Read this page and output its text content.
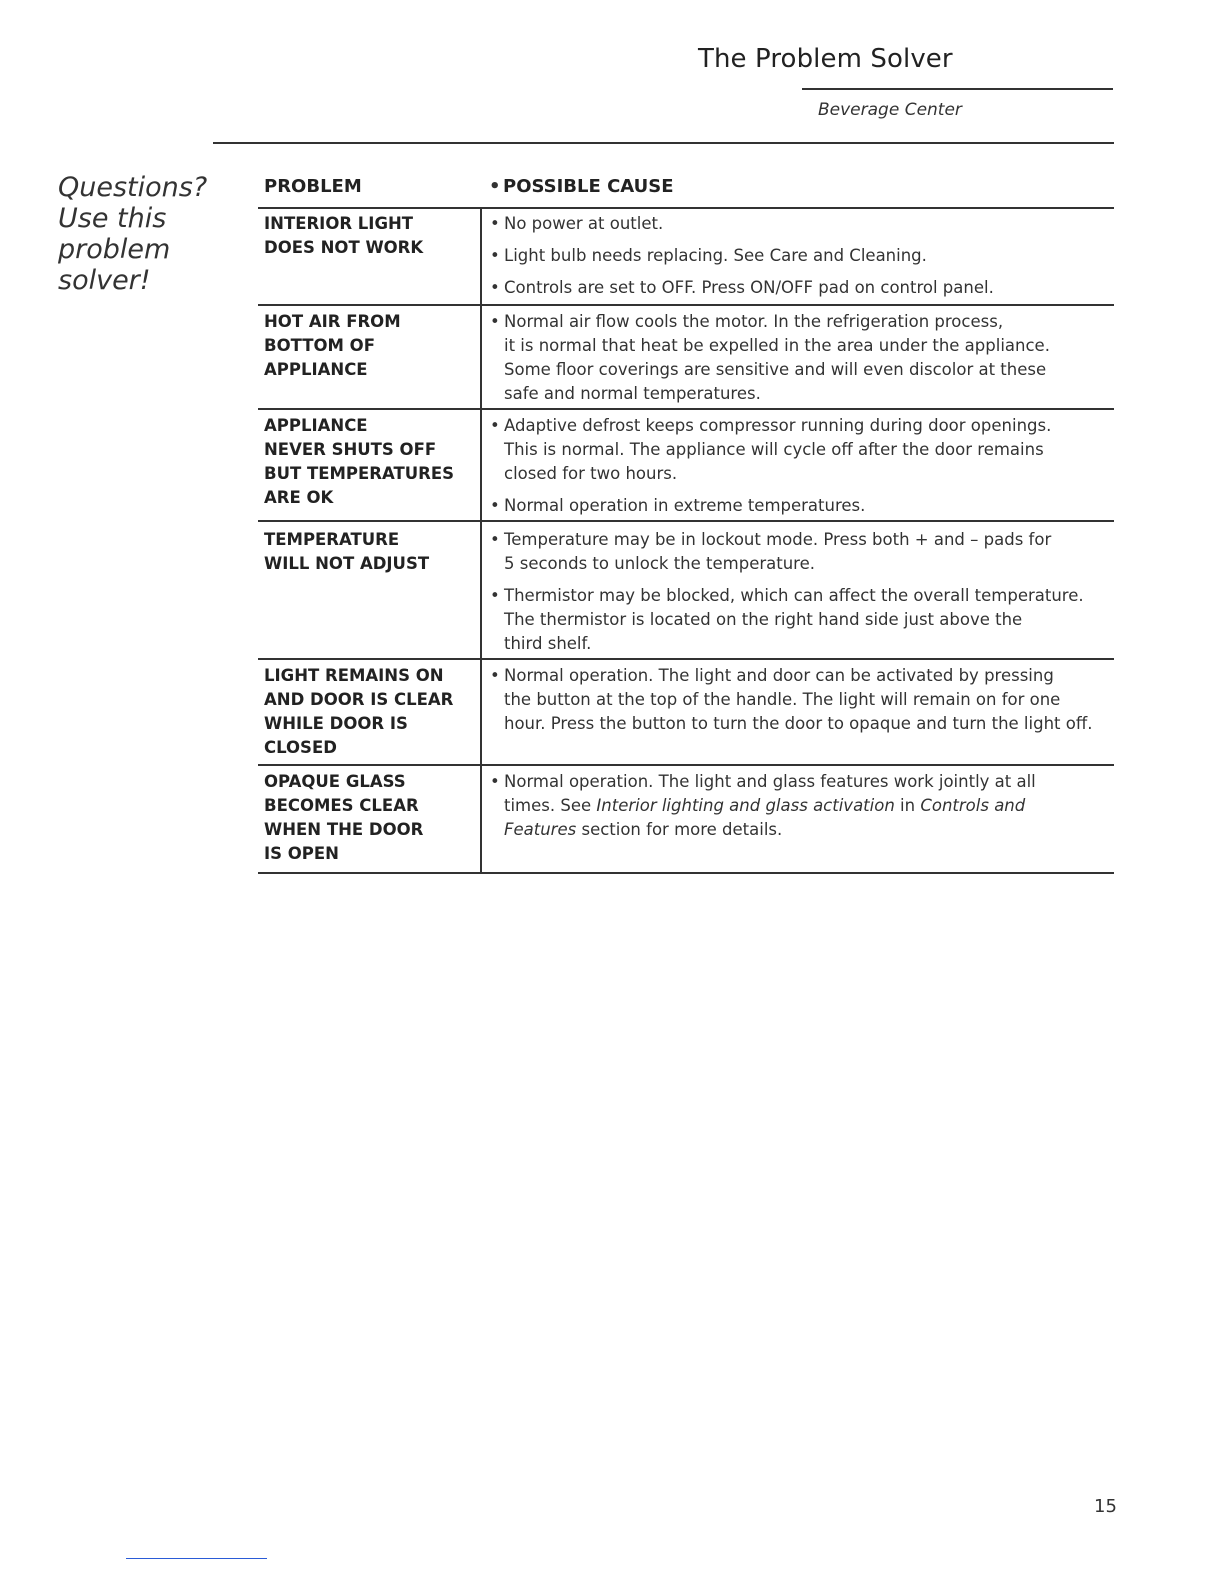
The Problem Solver
Beverage Center
Questions?
Use this
problem
solver!
PROBLEM
•	POSSIBLE CAUSE
INTERIOR LIGHT
DOES NOT WORK
• No power at outlet.
• Light bulb needs replacing. See Care and Cleaning.
• Controls are set to OFF. Press ON/OFF pad on control panel.
HOT AIR FROM
BOTTOM OF
APPLIANCE
• Normal air flow cools the motor. In the refrigeration process,
it is normal that heat be expelled in the area under the appliance.
Some floor coverings are sensitive and will even discolor at these
safe and normal temperatures.
APPLIANCE
NEVER SHUTS OFF
BUT TEMPERATURES
ARE OK
• Adaptive defrost keeps compressor running during door openings.
This is normal. The appliance will cycle off after the door remains
closed for two hours.
• Normal operation in extreme temperatures.
TEMPERATURE
WILL NOT ADJUST
• Temperature may be in lockout mode. Press both + and – pads for
5 seconds to unlock the temperature.
• Thermistor may be blocked, which can affect the overall temperature.
The thermistor is located on the right hand side just above the
third shelf.
LIGHT REMAINS ON
AND DOOR IS CLEAR
WHILE DOOR IS
CLOSED
• Normal operation. The light and door can be activated by pressing
the button at the top of the handle. The light will remain on for one
hour. Press the button to turn the door to opaque and turn the light off.
OPAQUE GLASS
BECOMES CLEAR
WHEN THE DOOR
IS OPEN
• Normal operation. The light and glass features work jointly at all
times. See Interior lighting and glass activation in Controls and
Features section for more details.
15
